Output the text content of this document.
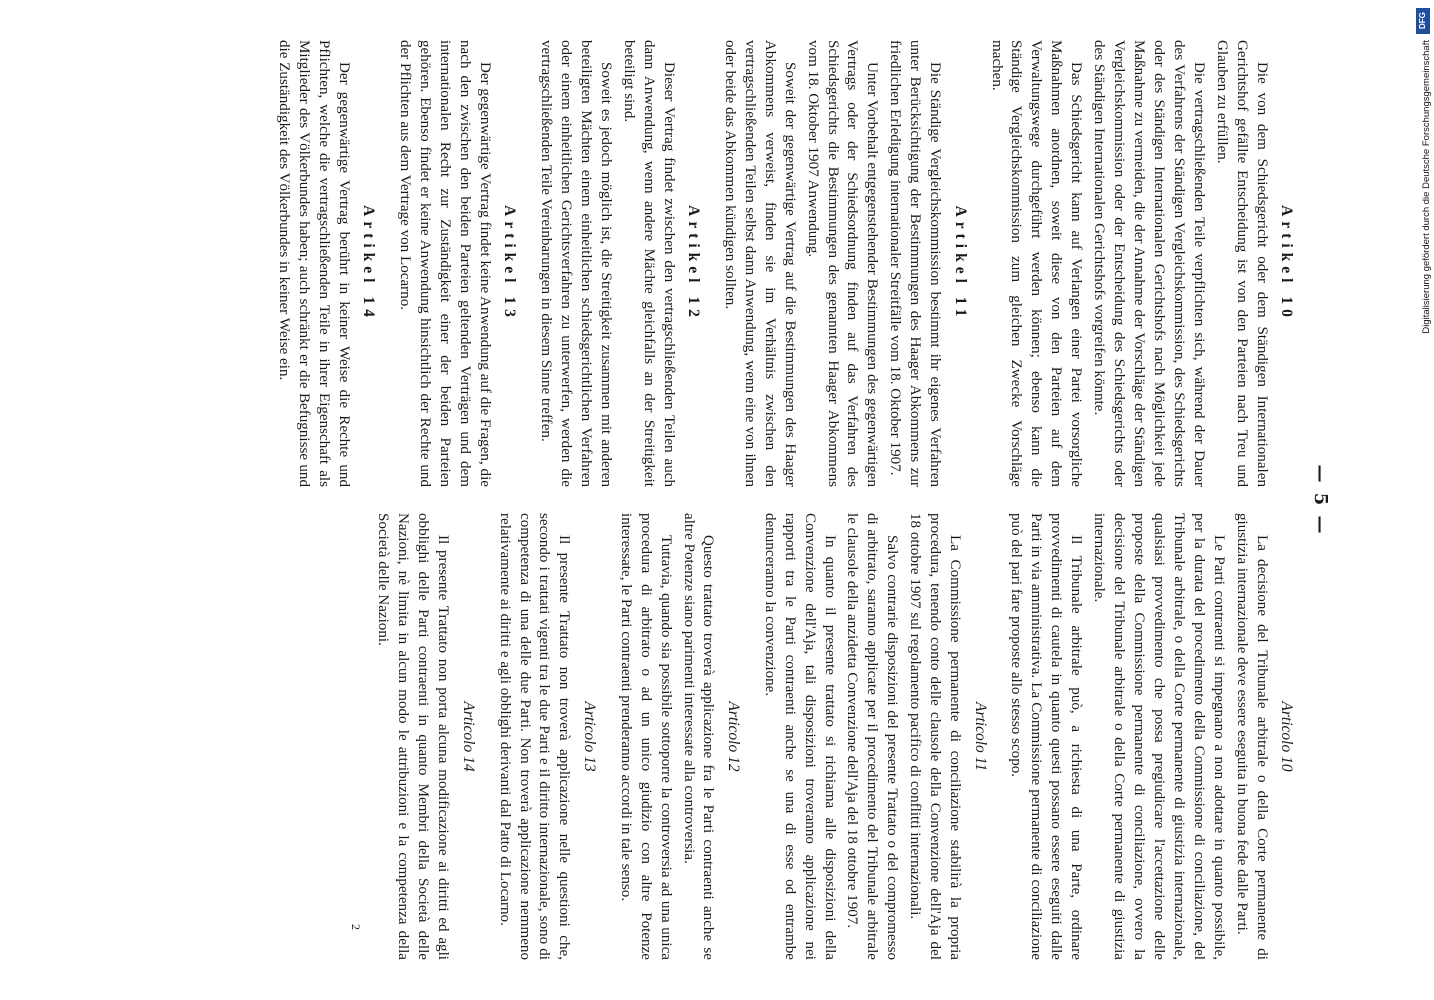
— 5 —
Artikel 10

Die von dem Schiedsgericht oder dem Ständigen Internationalen Gerichtshof gefällte Entscheidung ist von den Parteien nach Treu und Glauben zu erfüllen.

Die vertragschließenden Teile verpflichten sich, während der Dauer des Verfahrens der Ständigen Vergleichskommission, des Schiedsgerichts oder des Ständigen Internationalen Gerichtshofs nach Möglichkeit jede Maßnahme zu vermeiden, die der Annahme der Vorschläge der Ständigen Vergleichskommission oder der Entscheidung des Schiedsgerichts oder des Ständigen Internationalen Gerichtshofs vorgreifen könnte.

Das Schiedsgericht kann auf Verlangen einer Partei vorsorgliche Maßnahmen anordnen, soweit diese von den Parteien auf dem Verwaltungswege durchgeführt werden können; ebenso kann die Ständige Vergleichskommission zum gleichen Zwecke Vorschläge machen.

Artikel 11

Die Ständige Vergleichskommission bestimmt ihr eigenes Verfahren unter Berücksichtigung der Bestimmungen des Haager Abkommens zur friedlichen Erledigung internationaler Streitfälle vom 18. Oktober 1907.

Unter Vorbehalt entgegenstehender Bestimmungen des gegenwärtigen Vertrags oder der Schiedsordnung finden auf das Verfahren des Schiedsgerichts die Bestimmungen des genannten Haager Abkommens vom 18. Oktober 1907 Anwendung.

Soweit der gegenwärtige Vertrag auf die Bestimmungen des Haager Abkommens verweist, finden sie im Verhältnis zwischen den vertragschließenden Teilen selbst dann Anwendung, wenn eine von ihnen oder beide das Abkommen kündigen sollten.

Artikel 12

Dieser Vertrag findet zwischen den vertragschließenden Teilen auch dann Anwendung, wenn andere Mächte gleichfalls an der Streitigkeit beteiligt sind.

Soweit es jedoch möglich ist, die Streitigkeit zusammen mit anderen beteiligten Mächten einem einheitlichen schiedsgerichtlichen Verfahren oder einem einheitlichen Gerichtsverfahren zu unterwerfen, werden die vertragschließenden Teile Vereinbarungen in diesem Sinne treffen.

Artikel 13

Der gegenwärtige Vertrag findet keine Anwendung auf die Fragen, die nach den zwischen den beiden Parteien geltenden Verträgen und dem internationalen Recht zur Zuständigkeit einer der beiden Parteien gehören. Ebenso findet er keine Anwendung hinsichtlich der Rechte und der Pflichten aus dem Vertrage von Locarno.

Artikel 14

Der gegenwärtige Vertrag berührt in keiner Weise die Rechte und Pflichten, welche die vertragschließenden Teile in ihrer Eigenschaft als Mitglieder des Völkerbundes haben; auch schränkt er die Befugnisse und die Zuständigkeit des Völkerbundes in keiner Weise ein.

Articolo 10

La decisione del Tribunale arbitrale o della Corte permanente di giustizia internazionale deve essere eseguita in buona fede dalle Parti.

Le Parti contraenti si impegnano a non adottare in quanto possibile, per la durata del procedimento della Commissione di conciliazione, del Tribunale arbitrale, o della Corte permanente di giustizia internazionale, qualsiasi provvedimento che possa pregiudicare l'accettazione delle proposte della Commissione permanente di conciliazione, ovvero la decisione del Tribunale arbitrale o della Corte permanente di giustizia internazionale.

Il Tribunale arbitrale può, a richiesta di una Parte, ordinare provvedimenti di cautela in quanto questi possano essere eseguiti dalle Parti in via amministrativa. La Commissione permanente di conciliazione può del pari fare proposte allo stesso scopo.

Articolo 11

La Commissione permanente di conciliazione stabilirà la propria procedura, tenendo conto delle clausole della Convenzione dell'Aja del 18 ottobre 1907 sul regolamento pacifico di conflitti internazionali.

Salvo contrarie disposizioni del presente Trattato o del compromesso di arbitrato, saranno applicate per il procedimento del Tribunale arbitrale le clausole della anzidetta Convenzione dell'Aja del 18 ottobre 1907.

In quanto il presente trattato si richiama alle disposizioni della Convenzione dell'Aja, tali disposizioni troveranno applicazione nei rapporti tra le Parti contraenti anche se una di esse od entrambe denunceranno la convenzione.

Articolo 12

Questo trattato troverà applicazione fra le Parti contraenti anche se altre Potenze siano parimenti interessate alla controversia.

Tuttavia, quando sia possibile sottoporre la controversia ad una unica procedura di arbitrato o ad un unico giudizio con altre Potenze interessate, le Parti contraenti prenderanno accordi in tale senso.

Articolo 13

Il presente Trattato non troverà applicazione nelle questioni che, secondo i trattati vigenti tra le due Parti e il diritto internazionale, sono di competenza di una delle due Parti. Non troverà applicazione nemmeno relativamente ai diritti e agli obblighi derivanti dal Patto di Locarno.

Articolo 14

Il presente Trattato non porta alcuna modificazione ai diritti ed agli obblighi delle Parti contraenti in quanto Membri della Società delle Nazioni, nè limita in alcun modo le attribuzioni e la competenza della Società delle Nazioni.

2
DFG
Digitalisierung gefördert durch die Deutsche Forschungsgemeinschaft
